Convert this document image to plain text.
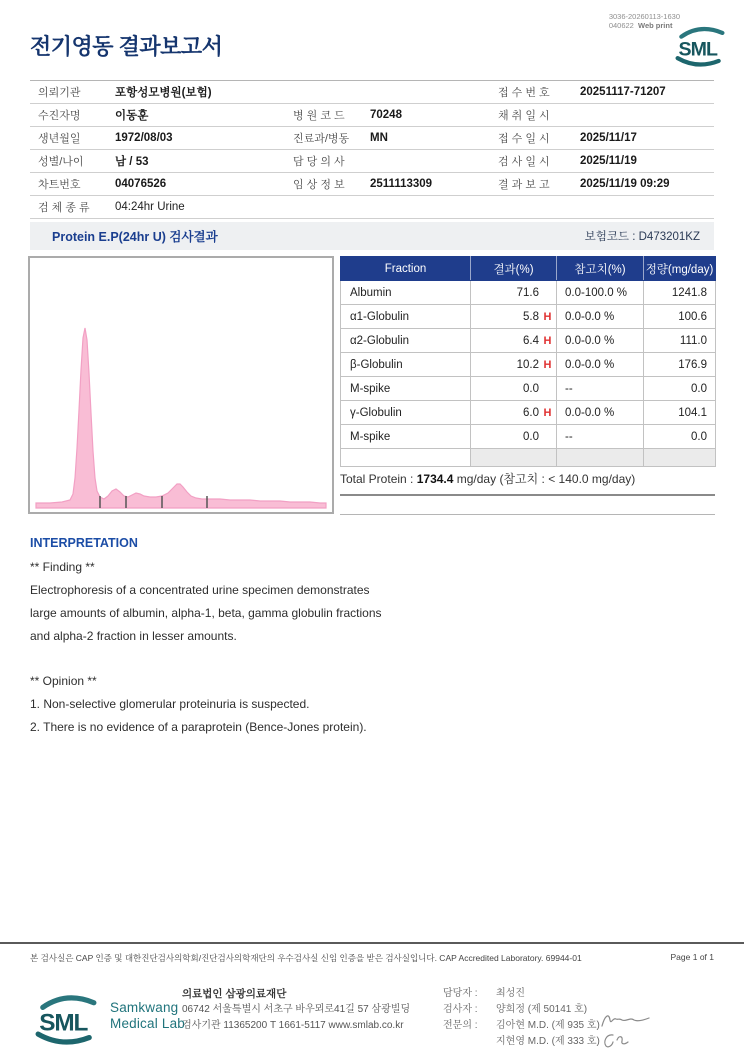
전기영동 결과보고서
3036-20260113-1630
040622 Web print
SML
의뢰기관	포항성모병원(보험)			접 수 번 호	20251117-71207
수진자명	이동훈	병 원 코 드	70248	채 취 일 시	
생년월일	1972/08/03	진료과/병동	MN	접 수 일 시	2025/11/17
성별/나이	남 / 53	담 당 의 사		검 사 일 시	2025/11/19
차트번호	04076526	임 상 정 보	2511113309	결 과 보 고	2025/11/19 09:29
검 체 종 류	04:24hr Urine				
Protein E.P(24hr U) 검사결과	보험코드 : D473201KZ
Fraction	결과(%)	참고치(%)	정량(mg/day)
Albumin	71.6	0.0-100.0 %	1241.8
α1-Globulin	5.8 H	0.0-0.0 %	100.6
α2-Globulin	6.4 H	0.0-0.0 %	111.0
β-Globulin	10.2 H	0.0-0.0 %	176.9
M-spike	0.0	--	0.0
γ-Globulin	6.0 H	0.0-0.0 %	104.1
M-spike	0.0	--	0.0

Total Protein : 1734.4 mg/day (참고치 : < 140.0 mg/day)
INTERPRETATION
** Finding **
Electrophoresis of a concentrated urine specimen demonstrates
large amounts of albumin, alpha-1, beta, gamma globulin fractions
and alpha-2 fraction in lesser amounts.
** Opinion **
1. Non-selective glomerular proteinuria is suspected.
2. There is no evidence of a paraprotein (Bence-Jones protein).
본 검사실은 CAP 인증 및 대한진단검사의학회/진단검사의학재단의 우수검사실 신임 인증을 받은 검사실입니다. CAP Accredited Laboratory. 69944-01	Page 1 of 1
SML
Samkwang
Medical Lab
의료법인 삼광의료재단
06742 서울특별시 서초구 바우뫼로41길 57 삼광빌딩
검사기관 11365200 T 1661-5117 www.smlab.co.kr
담당자 :	최성진
검사자 :	양희정 (제 50141 호)
전문의 :	김아현 M.D. (제 935 호)
지현영 M.D. (제 333 호)
